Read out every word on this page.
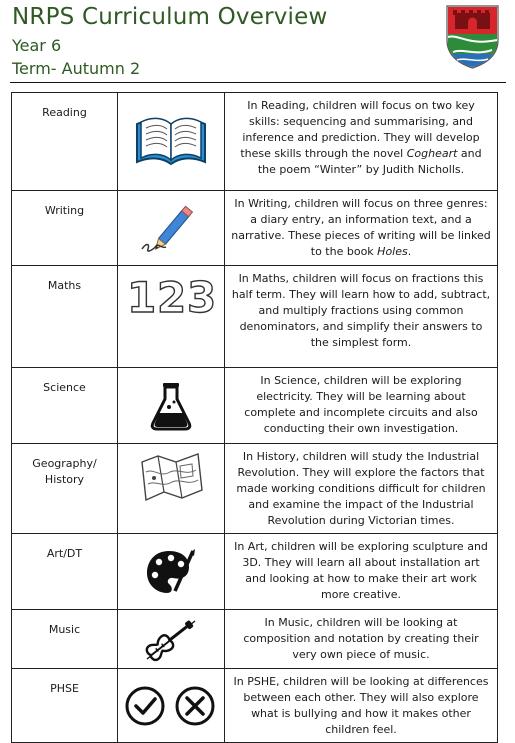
NRPS Curriculum Overview
Year 6
Term- Autumn 2
Reading		In Reading, children will focus on two key skills: sequencing and summarising, and inference and prediction. They will develop these skills through the novel Cogheart and the poem “Winter” by Judith Nicholls.
Writing		In Writing, children will focus on three genres: a diary entry, an information text, and a narrative. These pieces of writing will be linked to the book Holes.
Maths	1 2 3	In Maths, children will focus on fractions this half term. They will learn how to add, subtract, and multiply fractions using common denominators, and simplify their answers to the simplest form.
Science		In Science, children will be exploring electricity. They will be learning about complete and incomplete circuits and also conducting their own investigation.
Geography/ History		In History, children will study the Industrial Revolution. They will explore the factors that made working conditions difficult for children and examine the impact of the Industrial Revolution during Victorian times.
Art/DT		In Art, children will be exploring sculpture and 3D. They will learn all about installation art and looking at how to make their art work more creative.
Music		In Music, children will be looking at composition and notation by creating their very own piece of music.
PHSE		In PSHE, children will be looking at differences between each other. They will also explore what is bullying and how it makes other children feel.
